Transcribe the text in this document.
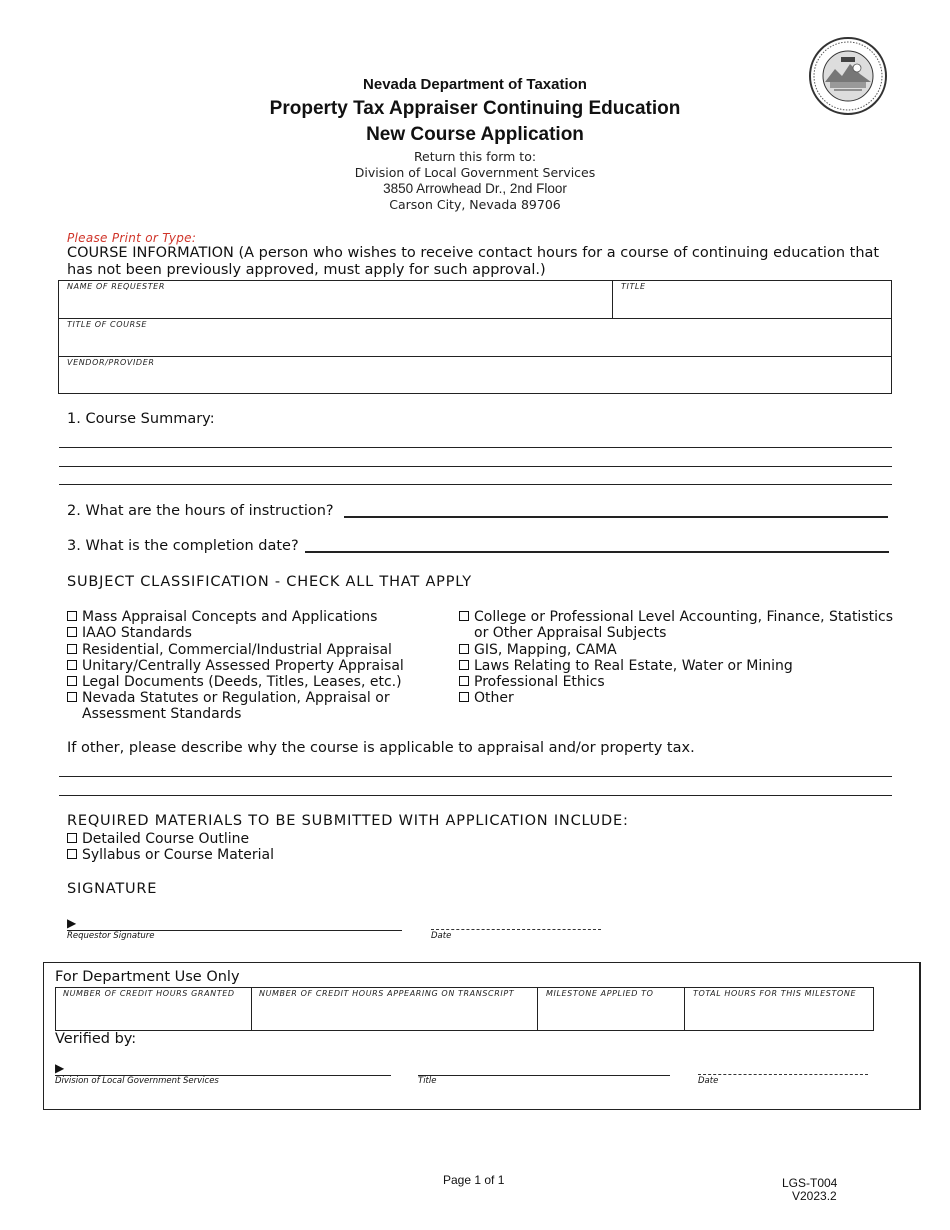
Nevada Department of Taxation
Property Tax Appraiser Continuing Education
New Course Application
Return this form to:
Division of Local Government Services
3850 Arrowhead Dr., 2nd Floor
Carson City, Nevada 89706
Please Print or Type:
COURSE INFORMATION (A person who wishes to receive contact hours for a course of continuing education that has not been previously approved, must apply for such approval.)
NAME OF REQUESTER	TITLE
TITLE OF COURSE
VENDOR/PROVIDER
1. Course Summary:
2. What are the hours of instruction?
3. What is the completion date?
SUBJECT CLASSIFICATION - CHECK ALL THAT APPLY
Mass Appraisal Concepts and Applications
IAAO Standards
Residential, Commercial/Industrial Appraisal
Unitary/Centrally Assessed Property Appraisal
Legal Documents (Deeds, Titles, Leases, etc.)
Nevada Statutes or Regulation, Appraisal or Assessment Standards
College or Professional Level Accounting, Finance, Statistics or Other Appraisal Subjects
GIS, Mapping, CAMA
Laws Relating to Real Estate, Water or Mining
Professional Ethics
Other
If other, please describe why the course is applicable to appraisal and/or property tax.
REQUIRED MATERIALS TO BE SUBMITTED WITH APPLICATION INCLUDE:
Detailed Course Outline
Syllabus or Course Material
SIGNATURE
▶
Requestor Signature	Date
For Department Use Only
NUMBER OF CREDIT HOURS GRANTED	NUMBER OF CREDIT HOURS APPEARING ON TRANSCRIPT	MILESTONE APPLIED TO	TOTAL HOURS FOR THIS MILESTONE
Verified by:
▶
Division of Local Government Services	Title	Date
Page 1 of 1	LGS-T004
V2023.2
